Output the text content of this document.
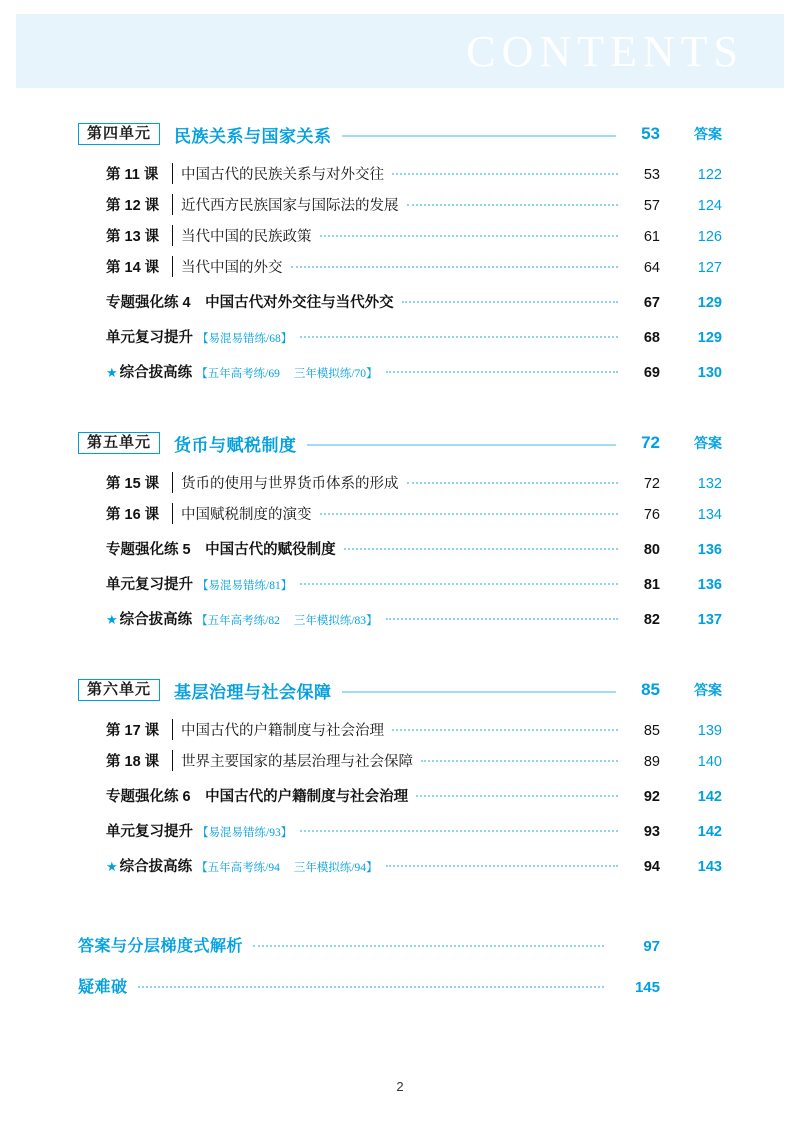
CONTENTS
第四单元	民族关系与国家关系	53	答案
第 11 课	中国古代的民族关系与对外交往	53	122
第 12 课	近代西方民族国家与国际法的发展	57	124
第 13 课	当代中国的民族政策	61	126
第 14 课	当代中国的外交	64	127
专题强化练 4　中国古代对外交往与当代外交	67	129
单元复习提升 【易混易错练/68】	68	129
★ 综合拔高练 【五年高考练/69 三年模拟练/70】	69	130
第五单元	货币与赋税制度	72	答案
第 15 课	货币的使用与世界货币体系的形成	72	132
第 16 课	中国赋税制度的演变	76	134
专题强化练 5　中国古代的赋役制度	80	136
单元复习提升 【易混易错练/81】	81	136
★ 综合拔高练 【五年高考练/82 三年模拟练/83】	82	137
第六单元	基层治理与社会保障	85	答案
第 17 课	中国古代的户籍制度与社会治理	85	139
第 18 课	世界主要国家的基层治理与社会保障	89	140
专题强化练 6　中国古代的户籍制度与社会治理	92	142
单元复习提升 【易混易错练/93】	93	142
★ 综合拔高练 【五年高考练/94 三年模拟练/94】	94	143
答案与分层梯度式解析	97
疑难破	145
2
